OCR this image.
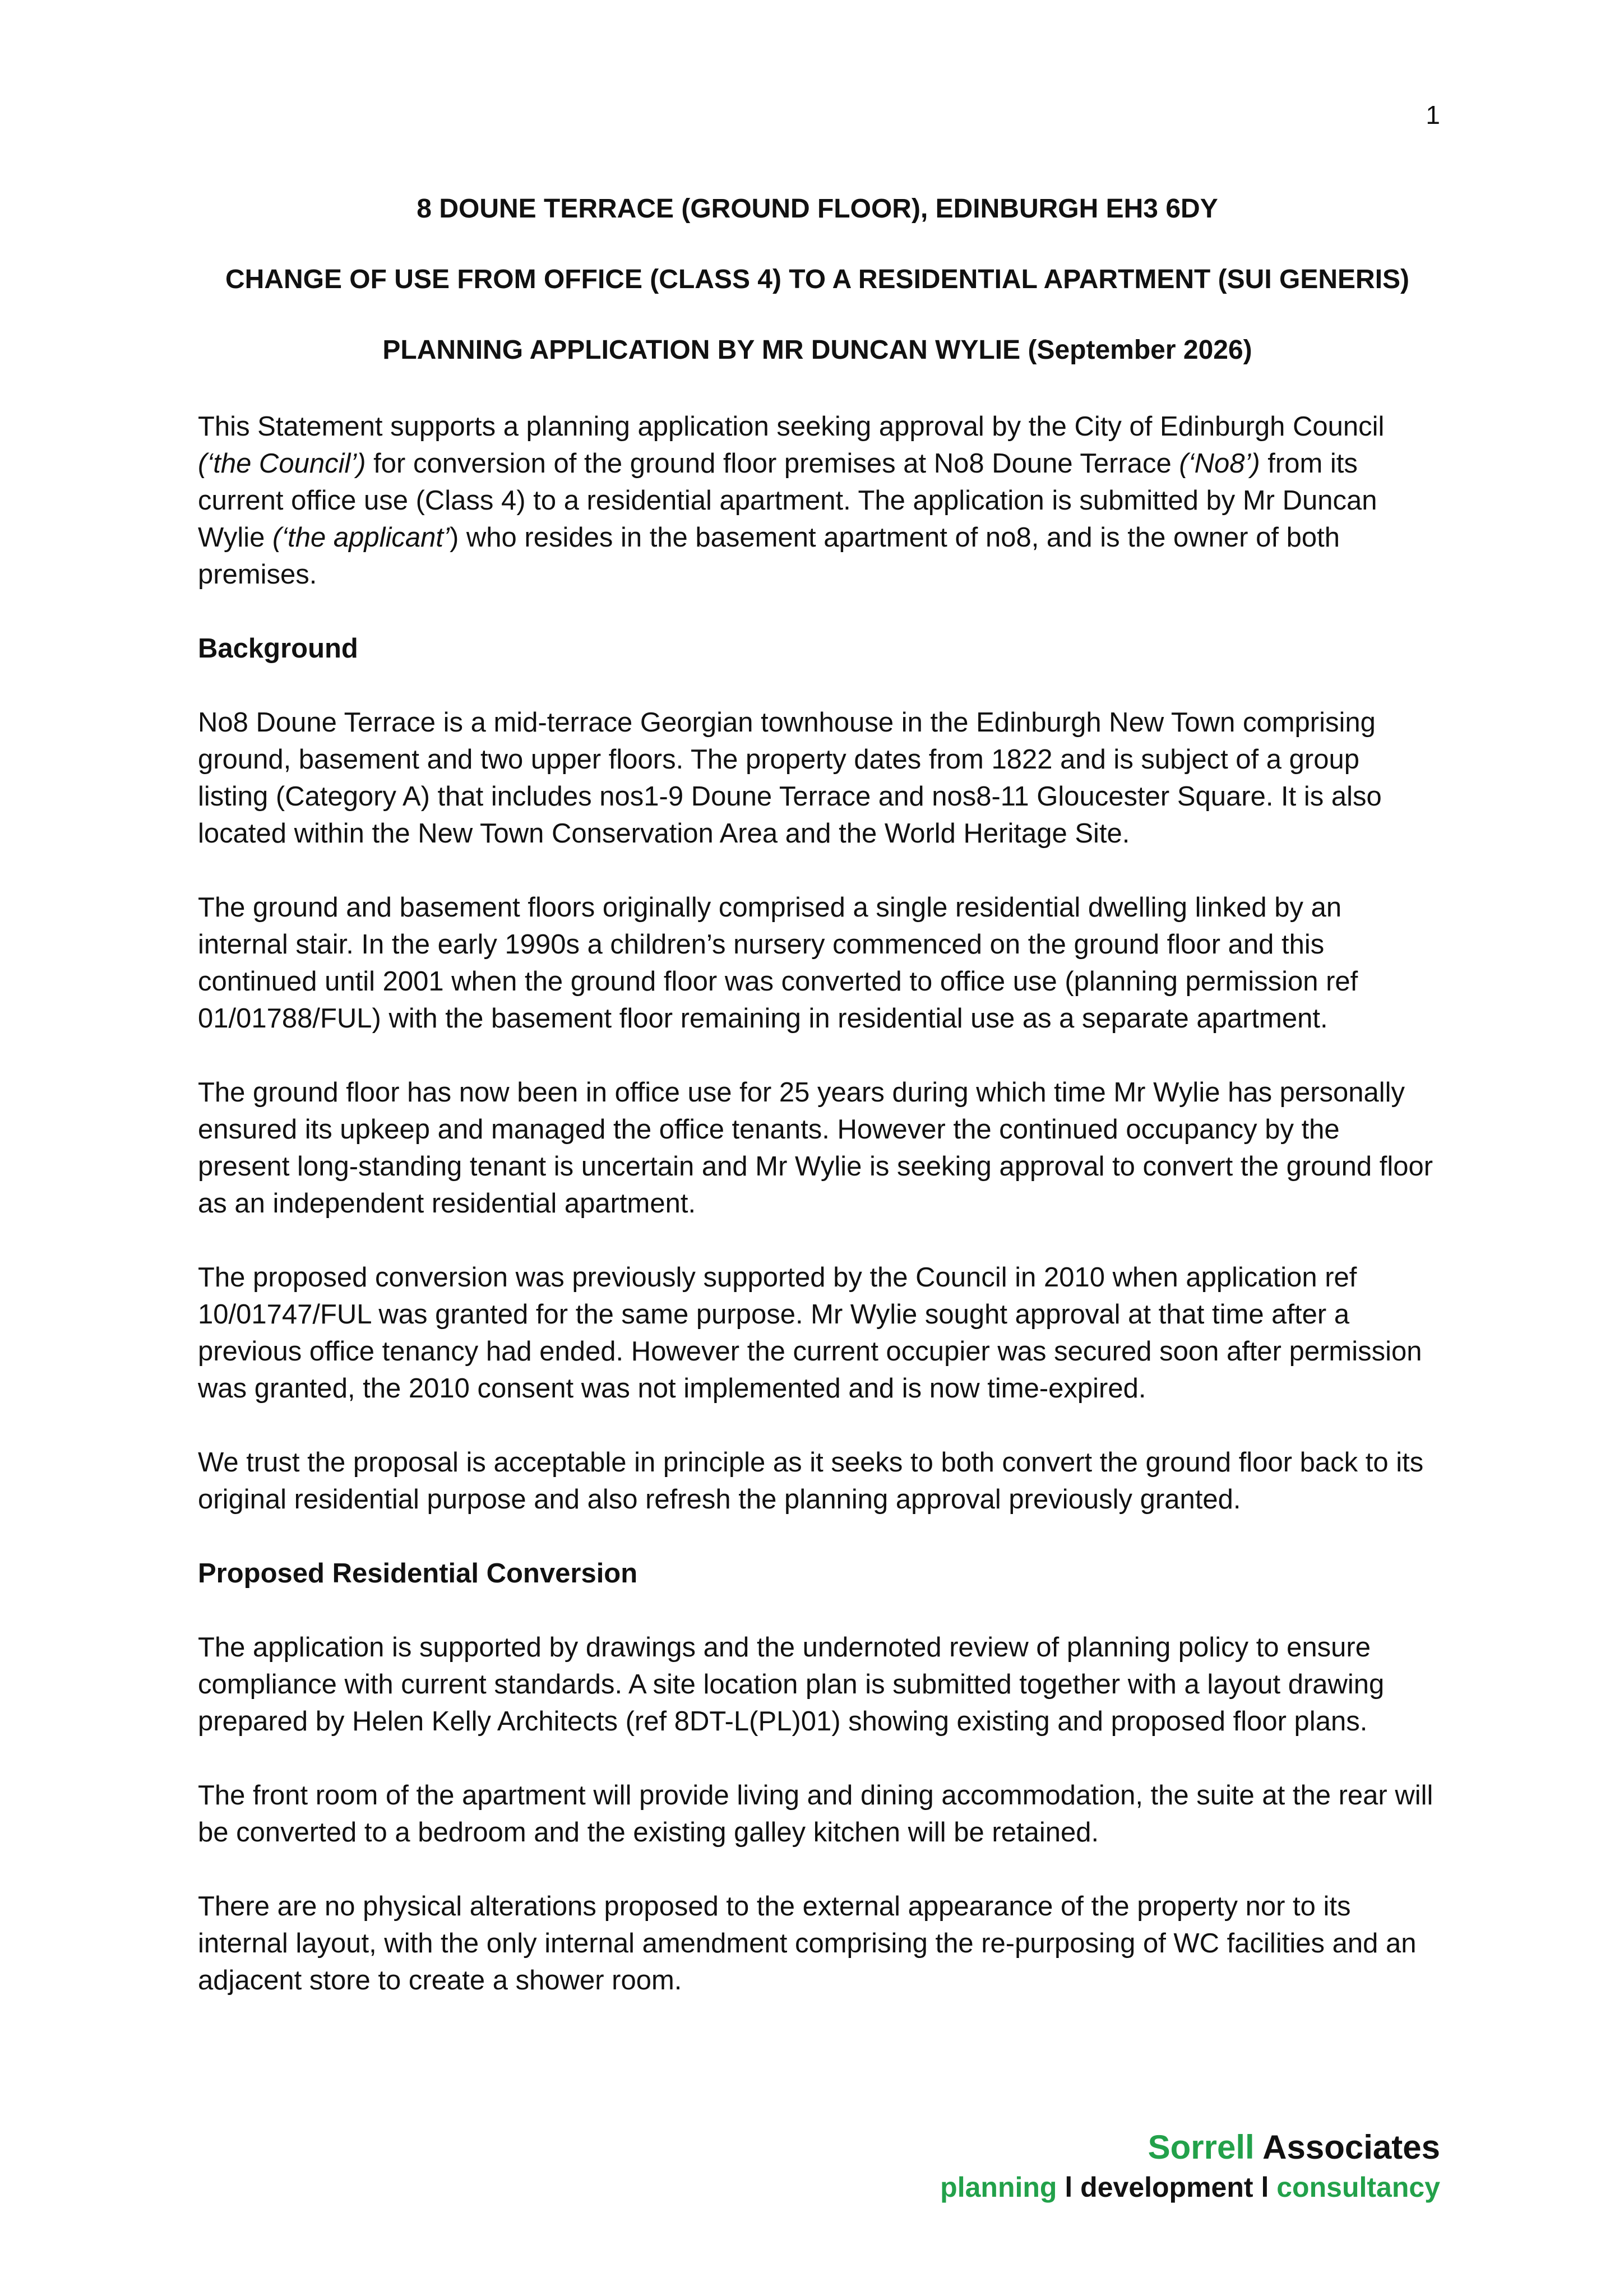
1
8 DOUNE TERRACE (GROUND FLOOR), EDINBURGH EH3 6DY
CHANGE OF USE FROM OFFICE (CLASS 4) TO A RESIDENTIAL APARTMENT (SUI GENERIS)
PLANNING APPLICATION BY MR DUNCAN WYLIE (September 2026)

This Statement supports a planning application seeking approval by the City of Edinburgh Council (‘the Council’) for conversion of the ground floor premises at No8 Doune Terrace (‘No8’) from its current office use (Class 4) to a residential apartment. The application is submitted by Mr Duncan Wylie (‘the applicant’) who resides in the basement apartment of no8, and is the owner of both premises.

Background

No8 Doune Terrace is a mid-terrace Georgian townhouse in the Edinburgh New Town comprising ground, basement and two upper floors. The property dates from 1822 and is subject of a group listing (Category A) that includes nos1-9 Doune Terrace and nos8-11 Gloucester Square. It is also located within the New Town Conservation Area and the World Heritage Site.

The ground and basement floors originally comprised a single residential dwelling linked by an internal stair. In the early 1990s a children’s nursery commenced on the ground floor and this continued until 2001 when the ground floor was converted to office use (planning permission ref 01/01788/FUL) with the basement floor remaining in residential use as a separate apartment.

The ground floor has now been in office use for 25 years during which time Mr Wylie has personally ensured its upkeep and managed the office tenants. However the continued occupancy by the present long-standing tenant is uncertain and Mr Wylie is seeking approval to convert the ground floor as an independent residential apartment.

The proposed conversion was previously supported by the Council in 2010 when application ref 10/01747/FUL was granted for the same purpose. Mr Wylie sought approval at that time after a previous office tenancy had ended. However the current occupier was secured soon after permission was granted, the 2010 consent was not implemented and is now time-expired.

We trust the proposal is acceptable in principle as it seeks to both convert the ground floor back to its original residential purpose and also refresh the planning approval previously granted.

Proposed Residential Conversion

The application is supported by drawings and the undernoted review of planning policy to ensure compliance with current standards. A site location plan is submitted together with a layout drawing prepared by Helen Kelly Architects (ref 8DT-L(PL)01) showing existing and proposed floor plans.

The front room of the apartment will provide living and dining accommodation, the suite at the rear will be converted to a bedroom and the existing galley kitchen will be retained.

There are no physical alterations proposed to the external appearance of the property nor to its internal layout, with the only internal amendment comprising the re-purposing of WC facilities and an adjacent store to create a shower room.

Sorrell Associates
planning l development l consultancy
